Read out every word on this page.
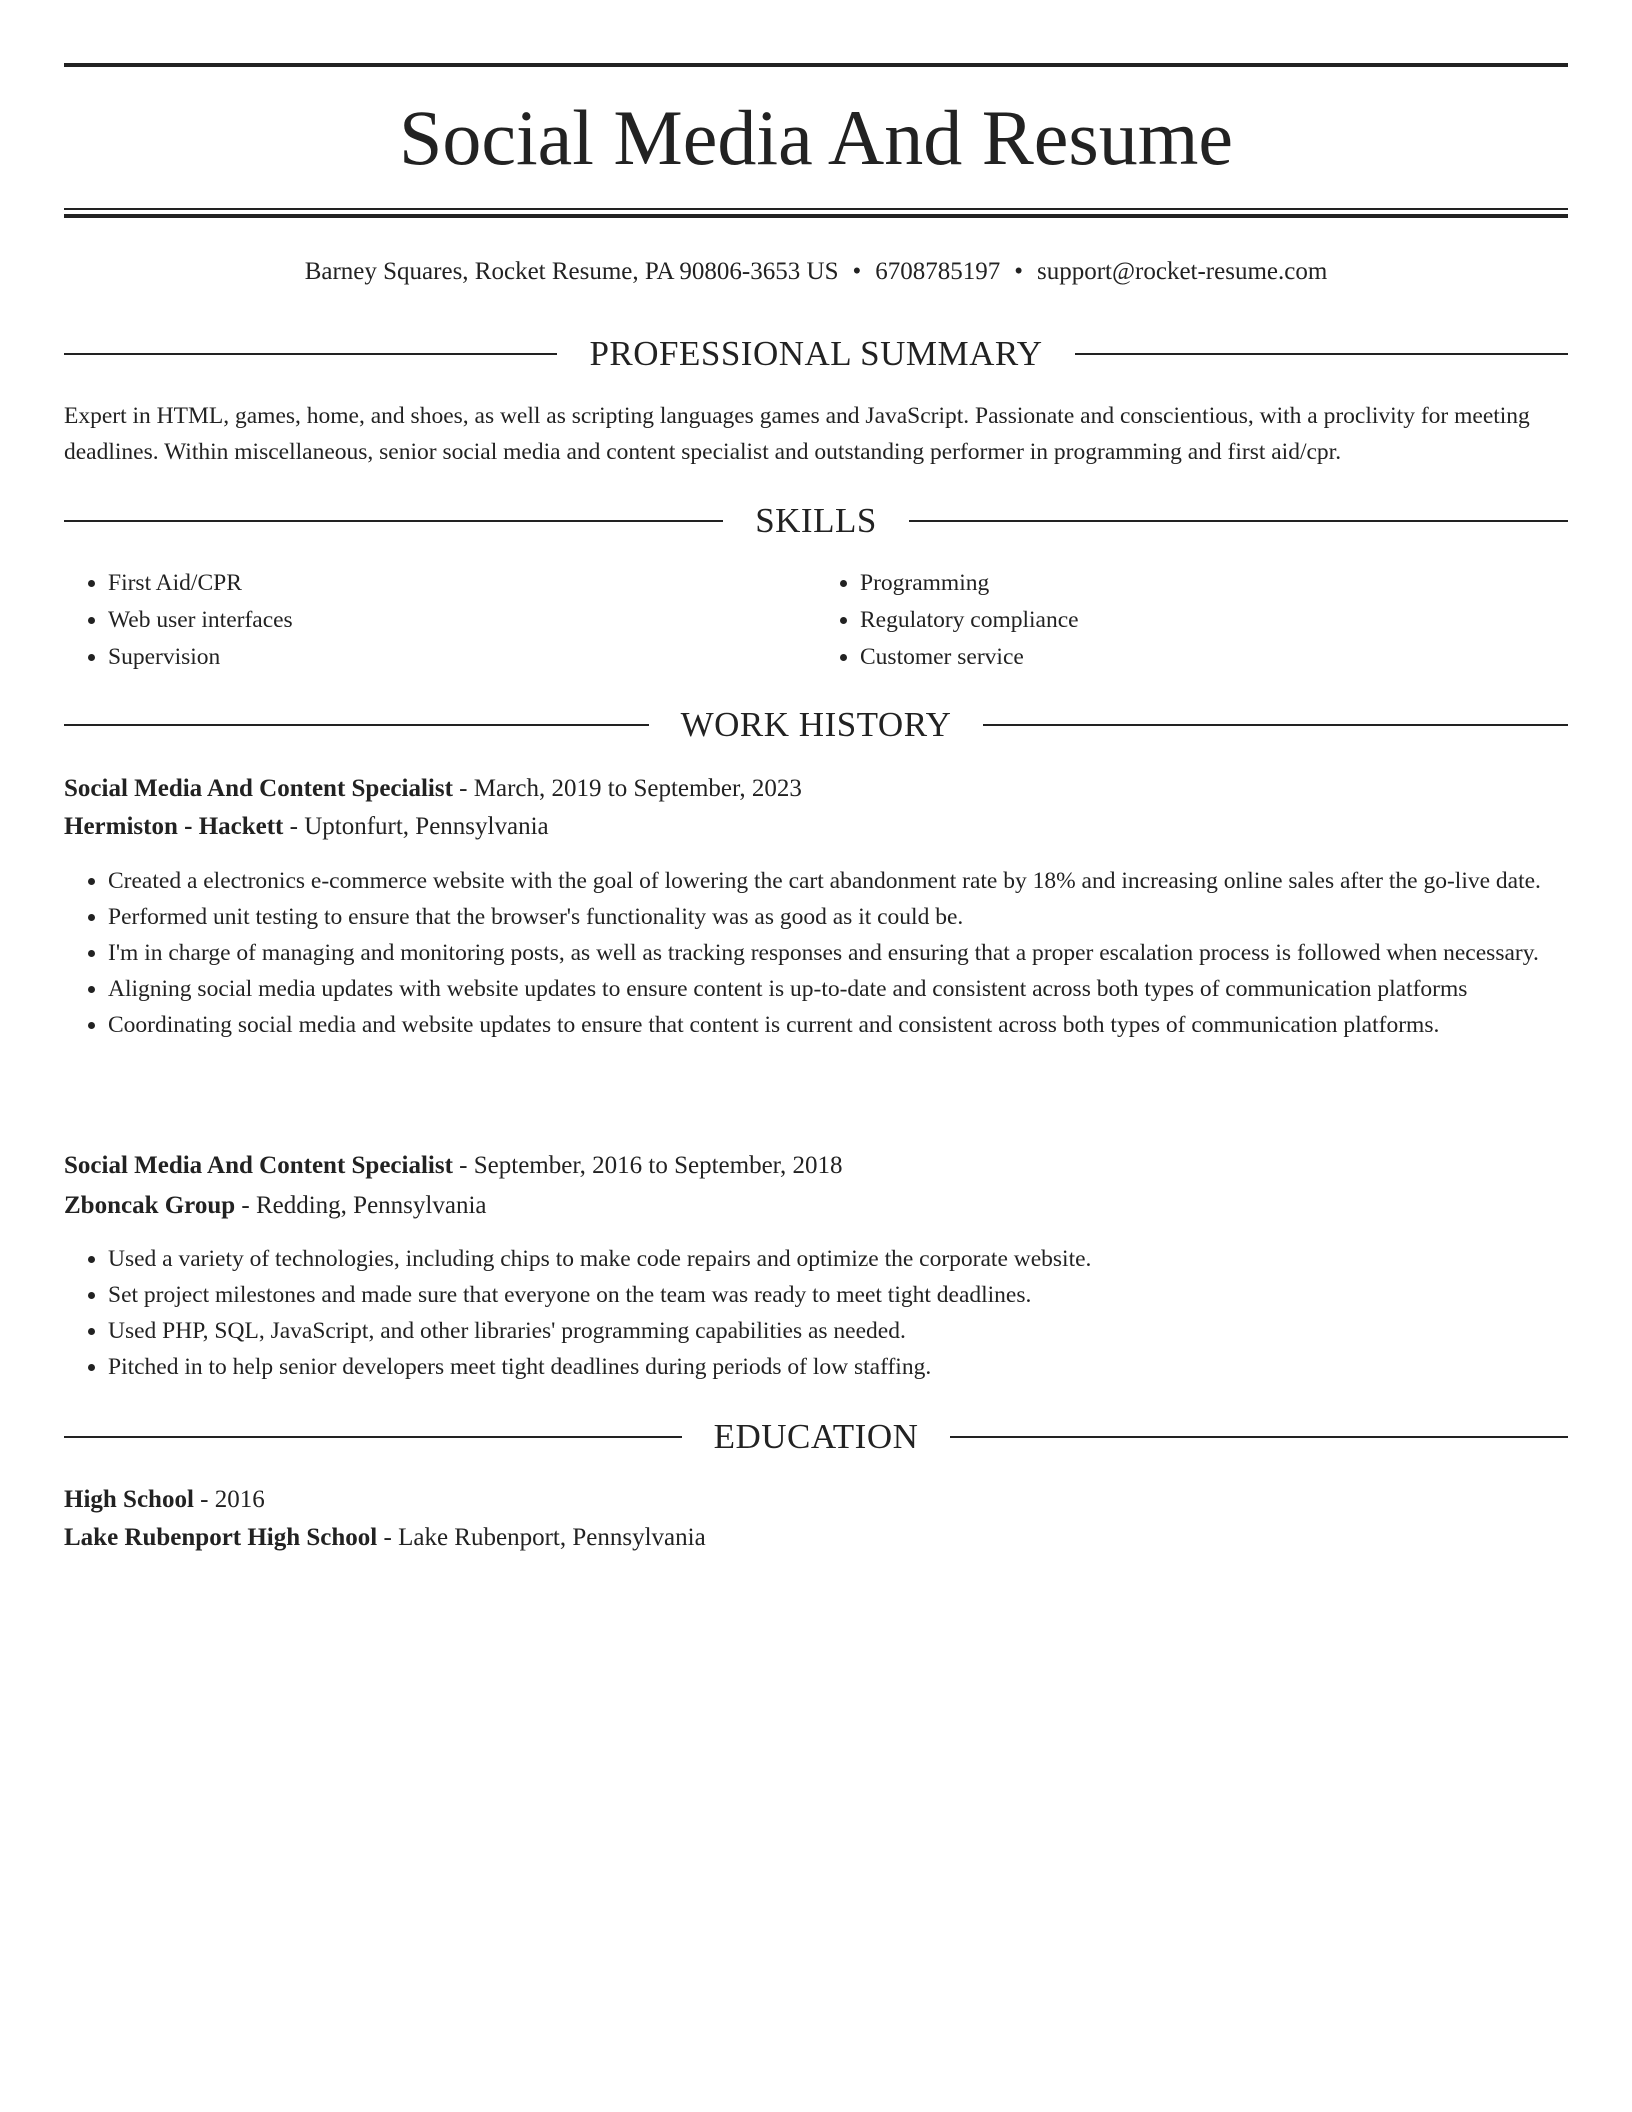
Social Media And Resume
Barney Squares, Rocket Resume, PA 90806-3653 US • 6708785197 • support@rocket-resume.com
PROFESSIONAL SUMMARY
Expert in HTML, games, home, and shoes, as well as scripting languages games and JavaScript. Passionate and conscientious, with a proclivity for meeting deadlines. Within miscellaneous, senior social media and content specialist and outstanding performer in programming and first aid/cpr.
SKILLS
• First Aid/CPR
• Web user interfaces
• Supervision
• Programming
• Regulatory compliance
• Customer service
WORK HISTORY
Social Media And Content Specialist - March, 2019 to September, 2023
Hermiston - Hackett - Uptonfurt, Pennsylvania
• Created a electronics e-commerce website with the goal of lowering the cart abandonment rate by 18% and increasing online sales after the go-live date.
• Performed unit testing to ensure that the browser's functionality was as good as it could be.
• I'm in charge of managing and monitoring posts, as well as tracking responses and ensuring that a proper escalation process is followed when necessary.
• Aligning social media updates with website updates to ensure content is up-to-date and consistent across both types of communication platforms
• Coordinating social media and website updates to ensure that content is current and consistent across both types of communication platforms.
Social Media And Content Specialist - September, 2016 to September, 2018
Zboncak Group - Redding, Pennsylvania
• Used a variety of technologies, including chips to make code repairs and optimize the corporate website.
• Set project milestones and made sure that everyone on the team was ready to meet tight deadlines.
• Used PHP, SQL, JavaScript, and other libraries' programming capabilities as needed.
• Pitched in to help senior developers meet tight deadlines during periods of low staffing.
EDUCATION
High School - 2016
Lake Rubenport High School - Lake Rubenport, Pennsylvania
